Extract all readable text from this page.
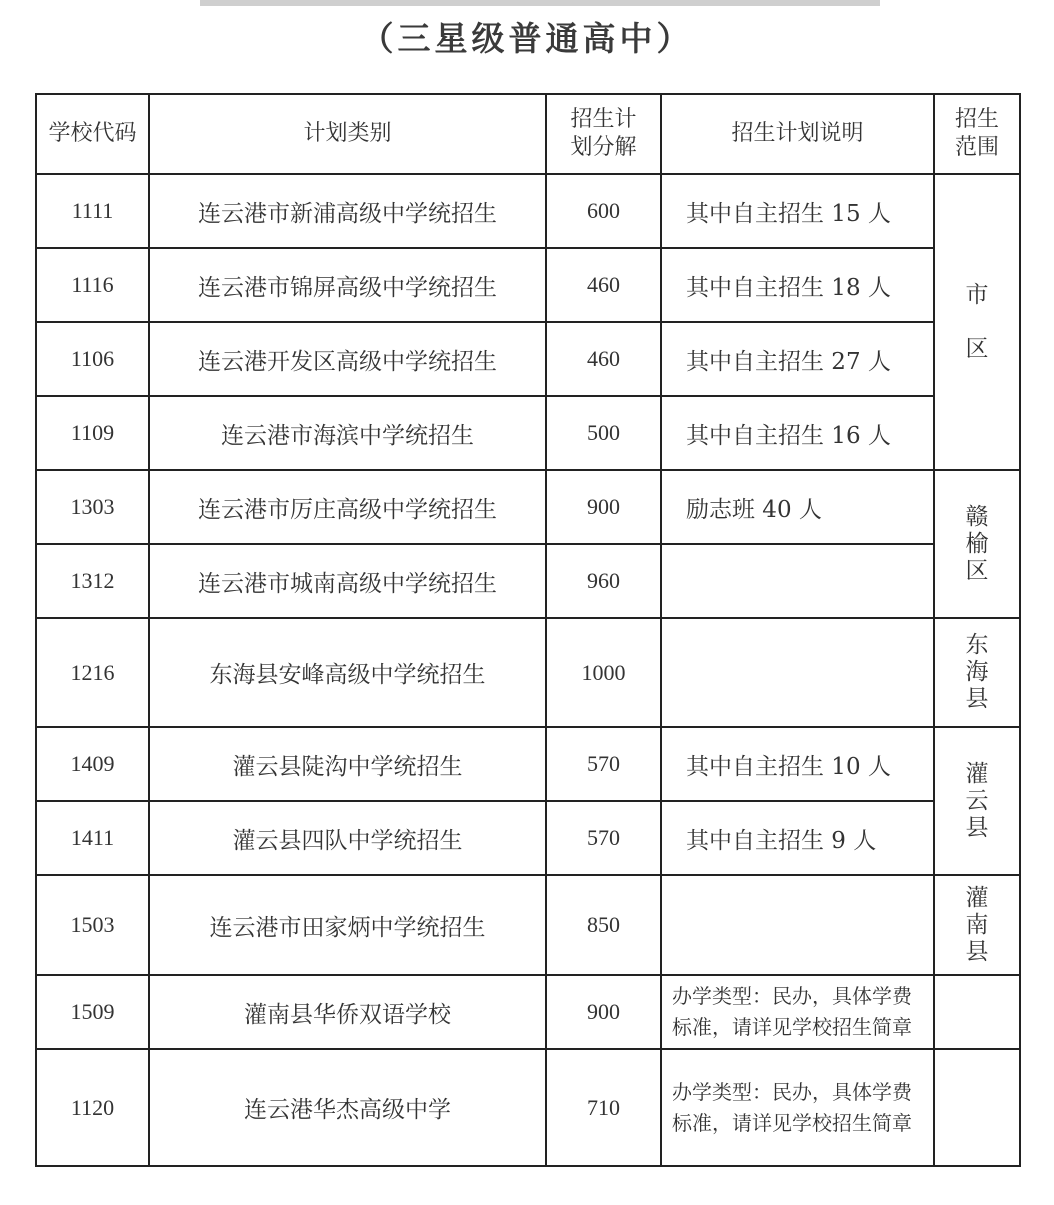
（三星级普通高中）
学校代码	计划类别	招生计
划分解	招生计划说明	招生
范围
1111	连云港市新浦高级中学统招生	600	其中自主招生 15 人	市

区
1116	连云港市锦屏高级中学统招生	460	其中自主招生 18 人	
1106	连云港开发区高级中学统招生	460	其中自主招生 27 人	
1109	连云港市海滨中学统招生	500	其中自主招生 16 人	
1303	连云港市厉庄高级中学统招生	900	励志班 40 人	赣
榆
区
1312	连云港市城南高级中学统招生	960		
1216	东海县安峰高级中学统招生	1000		东
海
县
1409	灌云县陡沟中学统招生	570	其中自主招生 10 人	灌
云
县
1411	灌云县四队中学统招生	570	其中自主招生 9 人	
1503	连云港市田家炳中学统招生	850		灌
南
县
1509	灌南县华侨双语学校	900	办学类型：民办，具体学费
标准，请详见学校招生简章	
1120	连云港华杰高级中学	710	办学类型：民办，具体学费
标准，请详见学校招生简章	
